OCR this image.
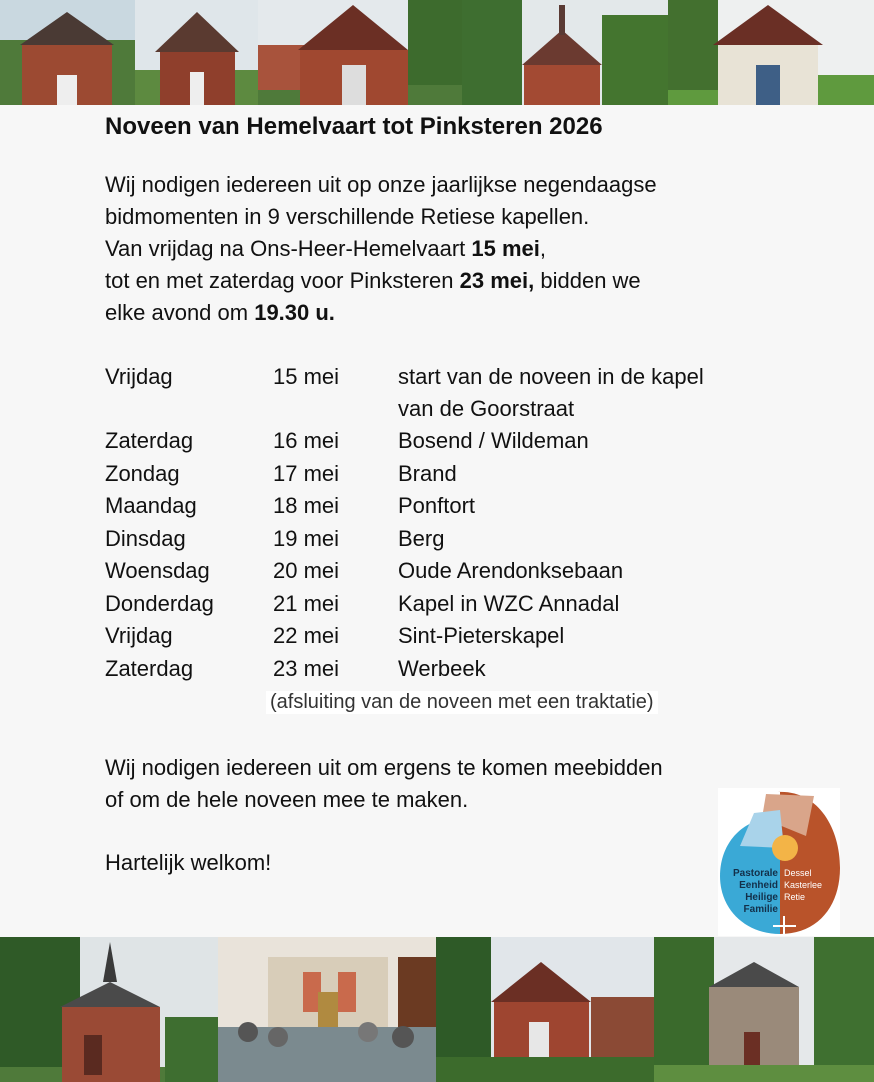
Noveen van Hemelvaart tot Pinksteren 2026
Wij nodigen iedereen uit op onze jaarlijkse negendaagse
bidmomenten in 9 verschillende Retiese kapellen.
Van vrijdag na Ons-Heer-Hemelvaart 15 mei,
tot en met zaterdag voor Pinksteren 23 mei, bidden we
elke avond om 19.30 u.
Vrijdag	15 mei	start van de noveen in de kapel
van de Goorstraat
Zaterdag	16 mei	Bosend / Wildeman
Zondag	17 mei	Brand
Maandag	18 mei	Ponftort
Dinsdag	19 mei	Berg
Woensdag	20 mei	Oude Arendonksebaan
Donderdag	21 mei	Kapel in WZC Annadal
Vrijdag	22 mei	Sint-Pieterskapel
Zaterdag	23 mei	Werbeek
(afsluiting van de noveen met een traktatie)
Wij nodigen iedereen uit om ergens te komen meebidden
of om de hele noveen mee te maken.
Hartelijk welkom!	Pastorale
Eenheid
Heilige
Familie
Dessel
Kasterlee
Retie
